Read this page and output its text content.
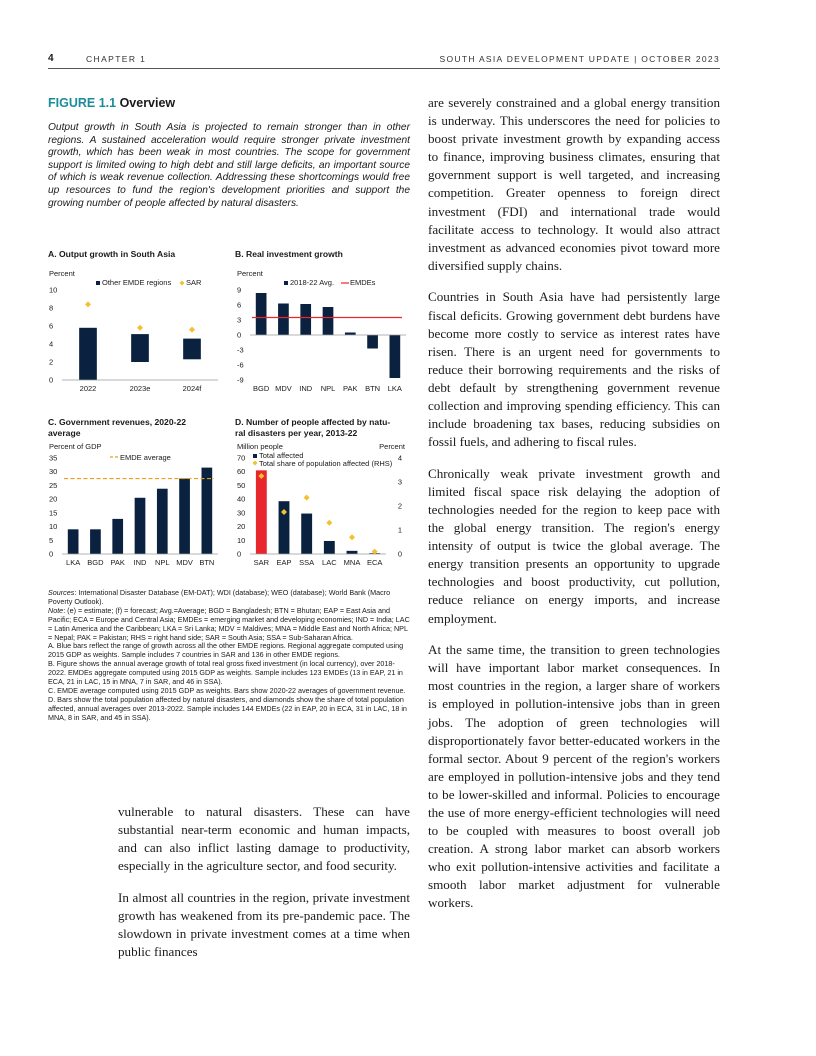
4	CHAPTER 1	SOUTH ASIA DEVELOPMENT UPDATE | OCTOBER 2023
FIGURE 1.1 Overview
Output growth in South Asia is projected to remain stronger than in other regions. A sustained acceleration would require stronger private investment growth, which has been weak in most countries. The scope for government support is limited owing to high debt and still large deficits, an important source of which is weak revenue collection. Addressing these shortcomings would free up resources to fund the region's development priorities and support the growing number of people affected by natural disasters.
A. Output growth in South Asia	B. Real investment growth
C. Government revenues, 2020-22
average
D. Number of people affected by natu-
ral disasters per year, 2013-22
Percent
Other EMDE regions SAR
0
2
4
6
8
10
2022	2023e	2024f
Percent
2018-22 Avg. EMDEs
-9
-6
-3
0
3
6
9
BGD MDV IND NPL PAK BTN LKA
Percent of GDP
EMDE average
0
5
10
15
20
25
30
35
LKA BGD PAK IND NPL MDV BTN
Million people	Percent
Total affected
Total share of population affected (RHS)
0
10
20
30
40
50
60
70
0
1
2
3
4
SAR EAP SSA LAC MNA ECA

Sources: International Disaster Database (EM-DAT); WDI (database); WEO (database); World Bank (Macro Poverty Outlook).

Note: (e) = estimate; (f) = forecast; Avg.=Average; BGD = Bangladesh; BTN = Bhutan; EAP = East Asia and Pacific; ECA = Europe and Central Asia; EMDEs = emerging market and developing economies; IND = India; LAC = Latin America and the Caribbean; LKA = Sri Lanka; MDV = Maldives; MNA = Middle East and North Africa; NPL = Nepal; PAK = Pakistan; RHS = right hand side; SAR = South Asia; SSA = Sub-Saharan Africa.

A. Blue bars reflect the range of growth across all the other EMDE regions. Regional aggregate computed using 2015 GDP as weights. Sample includes 7 countries in SAR and 136 in other EMDE regions.

B. Figure shows the annual average growth of total real gross fixed investment (in local currency), over 2018-2022. EMDEs aggregate computed using 2015 GDP as weights. Sample includes 123 EMDEs (13 in EAP, 21 in ECA, 21 in LAC, 15 in MNA, 7 in SAR, and 46 in SSA).

C. EMDE average computed using 2015 GDP as weights. Bars show 2020-22 averages of government revenue.

D. Bars show the total population affected by natural disasters, and diamonds show the share of total population affected, annual averages over 2013-2022. Sample includes 144 EMDEs (22 in EAP, 20 in ECA, 31 in LAC, 18 in MNA, 8 in SAR, and 45 in SSA).

vulnerable to natural disasters. These can have substantial near-term economic and human impacts, and can also inflict lasting damage to productivity, especially in the agriculture sector, and food security.

In almost all countries in the region, private investment growth has weakened from its pre-pandemic pace. The slowdown in private investment comes at a time when public finances

are severely constrained and a global energy transition is underway. This underscores the need for policies to boost private investment growth by expanding access to finance, improving business climates, ensuring that government support is well targeted, and increasing competition. Greater openness to foreign direct investment (FDI) and international trade would facilitate access to technology. It would also attract investment as advanced economies pivot toward more diversified supply chains.

Countries in South Asia have had persistently large fiscal deficits. Growing government debt burdens have become more costly to service as interest rates have risen. There is an urgent need for governments to reduce their borrowing requirements and the risks of debt default by strengthening government revenue collection and improving spending efficiency. This can include broadening tax bases, reducing subsidies on fossil fuels, and adhering to fiscal rules.

Chronically weak private investment growth and limited fiscal space risk delaying the adoption of technologies needed for the region to keep pace with the global energy transition. The region's energy intensity of output is twice the global average. The energy transition presents an opportunity to upgrade technologies and boost productivity, cut pollution, reduce reliance on energy imports, and increase employment.

At the same time, the transition to green technologies will have important labor market consequences. In most countries in the region, a larger share of workers is employed in pollution-intensive jobs than in green jobs. The adoption of green technologies will disproportionately favor better-educated workers in the formal sector. About 9 percent of the region's workers are employed in pollution-intensive jobs and they tend to be lower-skilled and informal. Policies to encourage the use of more energy-efficient technologies will need to be coupled with measures to boost overall job creation. A strong labor market can absorb workers who exit pollution-intensive activities and facilitate a smooth labor market adjustment for vulnerable workers.
